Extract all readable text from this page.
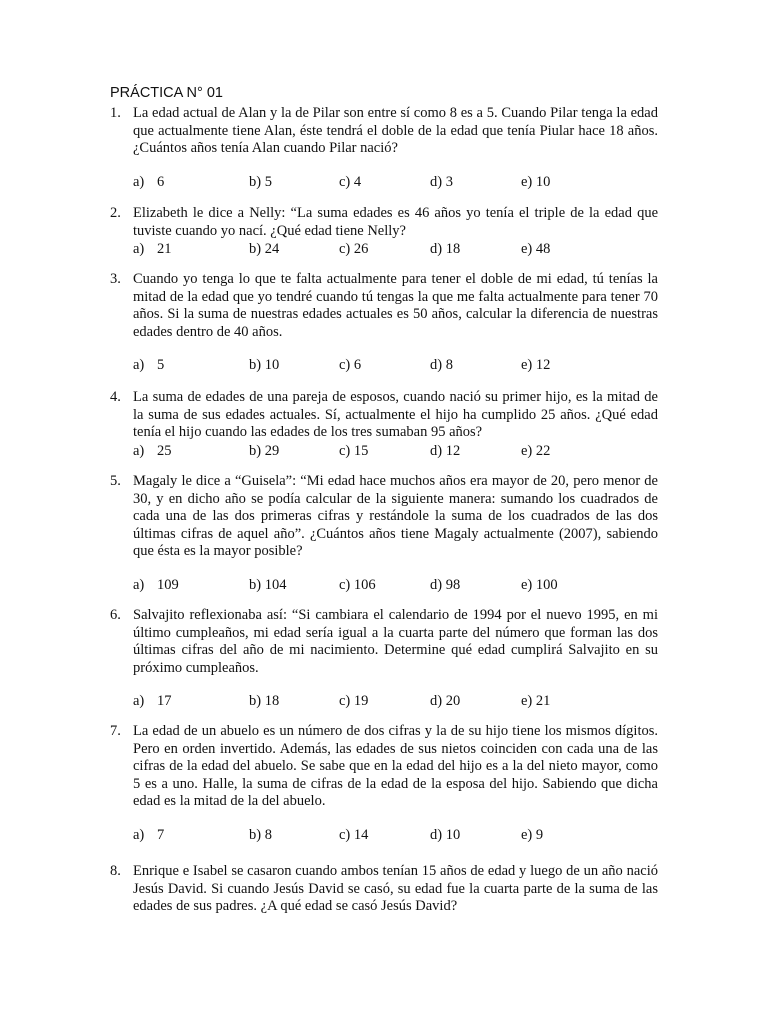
PRÁCTICA N° 01
1. La edad actual de Alan y la de Pilar son entre sí como 8 es a 5. Cuando Pilar tenga la edad que actualmente tiene Alan, éste tendrá el doble de la edad que tenía Piular hace 18 años. ¿Cuántos años tenía Alan cuando Pilar nació?
a) 6	b) 5	c) 4	d) 3	e) 10
2. Elizabeth le dice a Nelly: “La suma edades es 46 años yo tenía el triple de la edad que tuviste cuando yo nací. ¿Qué edad tiene Nelly?
a) 21	b) 24	c) 26	d) 18	e) 48
3. Cuando yo tenga lo que te falta actualmente para tener el doble de mi edad, tú tenías la mitad de la edad que yo tendré cuando tú tengas la que me falta actualmente para tener 70 años. Si la suma de nuestras edades actuales es 50 años, calcular la diferencia de nuestras edades dentro de 40 años.
a) 5	b) 10	c) 6	d) 8	e) 12
4. La suma de edades de una pareja de esposos, cuando nació su primer hijo, es la mitad de la suma de sus edades actuales. Sí, actualmente el hijo ha cumplido 25 años. ¿Qué edad tenía el hijo cuando las edades de los tres sumaban 95 años?
a) 25	b) 29	c) 15	d) 12	e) 22
5. Magaly le dice a “Guisela”: “Mi edad hace muchos años era mayor de 20, pero menor de 30, y en dicho año se podía calcular de la siguiente manera: sumando los cuadrados de cada una de las dos primeras cifras y restándole la suma de los cuadrados de las dos últimas cifras de aquel año”. ¿Cuántos años tiene Magaly actualmente (2007), sabiendo que ésta es la mayor posible?
a) 109	b) 104	c) 106	d) 98	e) 100
6. Salvajito reflexionaba así: “Si cambiara el calendario de 1994 por el nuevo 1995, en mi último cumpleaños, mi edad sería igual a la cuarta parte del número que forman las dos últimas cifras del año de mi nacimiento. Determine qué edad cumplirá Salvajito en su próximo cumpleaños.
a) 17	b) 18	c) 19	d) 20	e) 21
7. La edad de un abuelo es un número de dos cifras y la de su hijo tiene los mismos dígitos. Pero en orden invertido. Además, las edades de sus nietos coinciden con cada una de las cifras de la edad del abuelo. Se sabe que en la edad del hijo es a la del nieto mayor, como 5 es a uno. Halle, la suma de cifras de la edad de la esposa del hijo. Sabiendo que dicha edad es la mitad de la del abuelo.
a) 7	b) 8	c) 14	d) 10	e) 9
8. Enrique e Isabel se casaron cuando ambos tenían 15 años de edad y luego de un año nació Jesús David. Si cuando Jesús David se casó, su edad fue la cuarta parte de la suma de las edades de sus padres. ¿A qué edad se casó Jesús David?
